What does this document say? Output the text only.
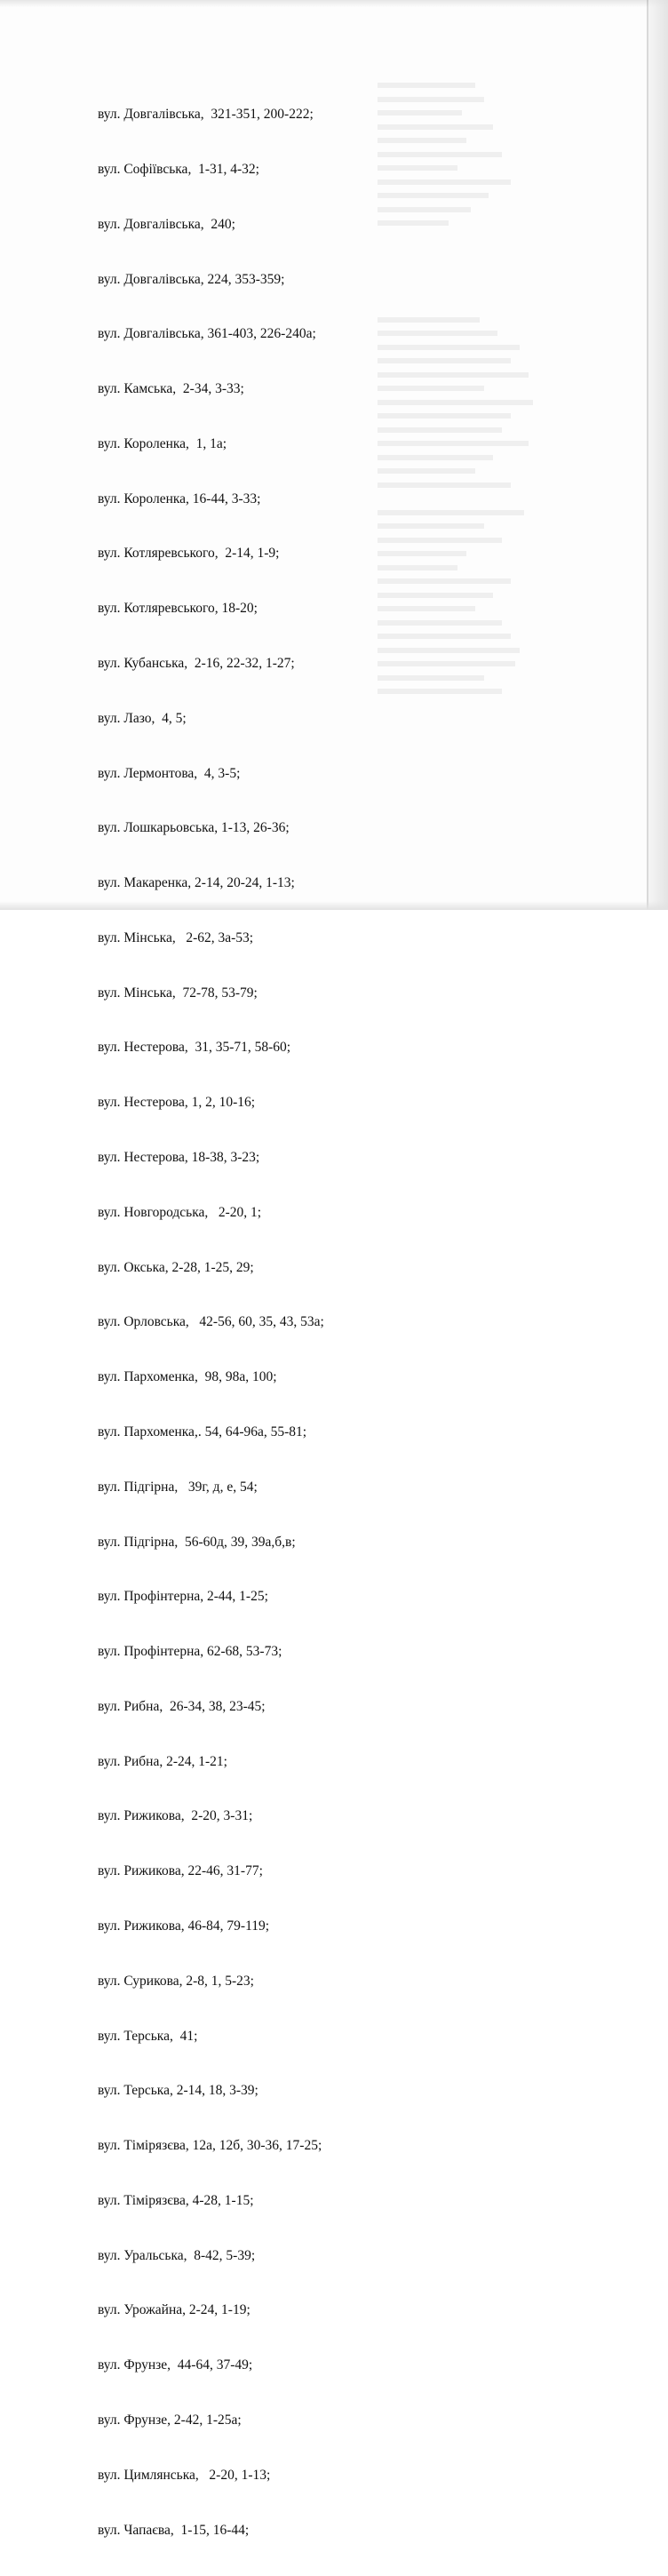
вул. Довгалівська,  321-351, 200-222;

вул. Софіївська,  1-31, 4-32;

вул. Довгалівська,  240;

вул. Довгалівська, 224, 353-359;

вул. Довгалівська, 361-403, 226-240а;

вул. Камська,  2-34, 3-33;

вул. Короленка,  1, 1а;

вул. Короленка, 16-44, 3-33;

вул. Котляревського,  2-14, 1-9;

вул. Котляревського, 18-20;

вул. Кубанська,  2-16, 22-32, 1-27;

вул. Лазо,  4, 5;

вул. Лермонтова,  4, 3-5;

вул. Лошкарьовська, 1-13, 26-36;

вул. Макаренка, 2-14, 20-24, 1-13;

вул. Мінська,   2-62, 3а-53;

вул. Мінська,  72-78, 53-79;

вул. Нестерова,  31, 35-71, 58-60;

вул. Нестерова, 1, 2, 10-16;

вул. Нестерова, 18-38, 3-23;

вул. Новгородська,   2-20, 1;

вул. Окська, 2-28, 1-25, 29;

вул. Орловська,   42-56, 60, 35, 43, 53а;

вул. Пархоменка,  98, 98а, 100;

вул. Пархоменка,. 54, 64-96а, 55-81;

вул. Підгірна,   39г, д, е, 54;

вул. Підгірна,  56-60д, 39, 39а,б,в;

вул. Профінтерна, 2-44, 1-25;

вул. Профінтерна, 62-68, 53-73;

вул. Рибна,  26-34, 38, 23-45;

вул. Рибна, 2-24, 1-21;

вул. Рижикова,  2-20, 3-31;

вул. Рижикова, 22-46, 31-77;

вул. Рижикова, 46-84, 79-119;

вул. Сурикова, 2-8, 1, 5-23;

вул. Терська,  41;

вул. Терська, 2-14, 18, 3-39;

вул. Тімірязєва, 12а, 12б, 30-36, 17-25;

вул. Тімірязєва, 4-28, 1-15;

вул. Уральська,  8-42, 5-39;

вул. Урожайна, 2-24, 1-19;

вул. Фрунзе,  44-64, 37-49;

вул. Фрунзе, 2-42, 1-25а;

вул. Цимлянська,   2-20, 1-13;

вул. Чапаєва,  1-15, 16-44;
